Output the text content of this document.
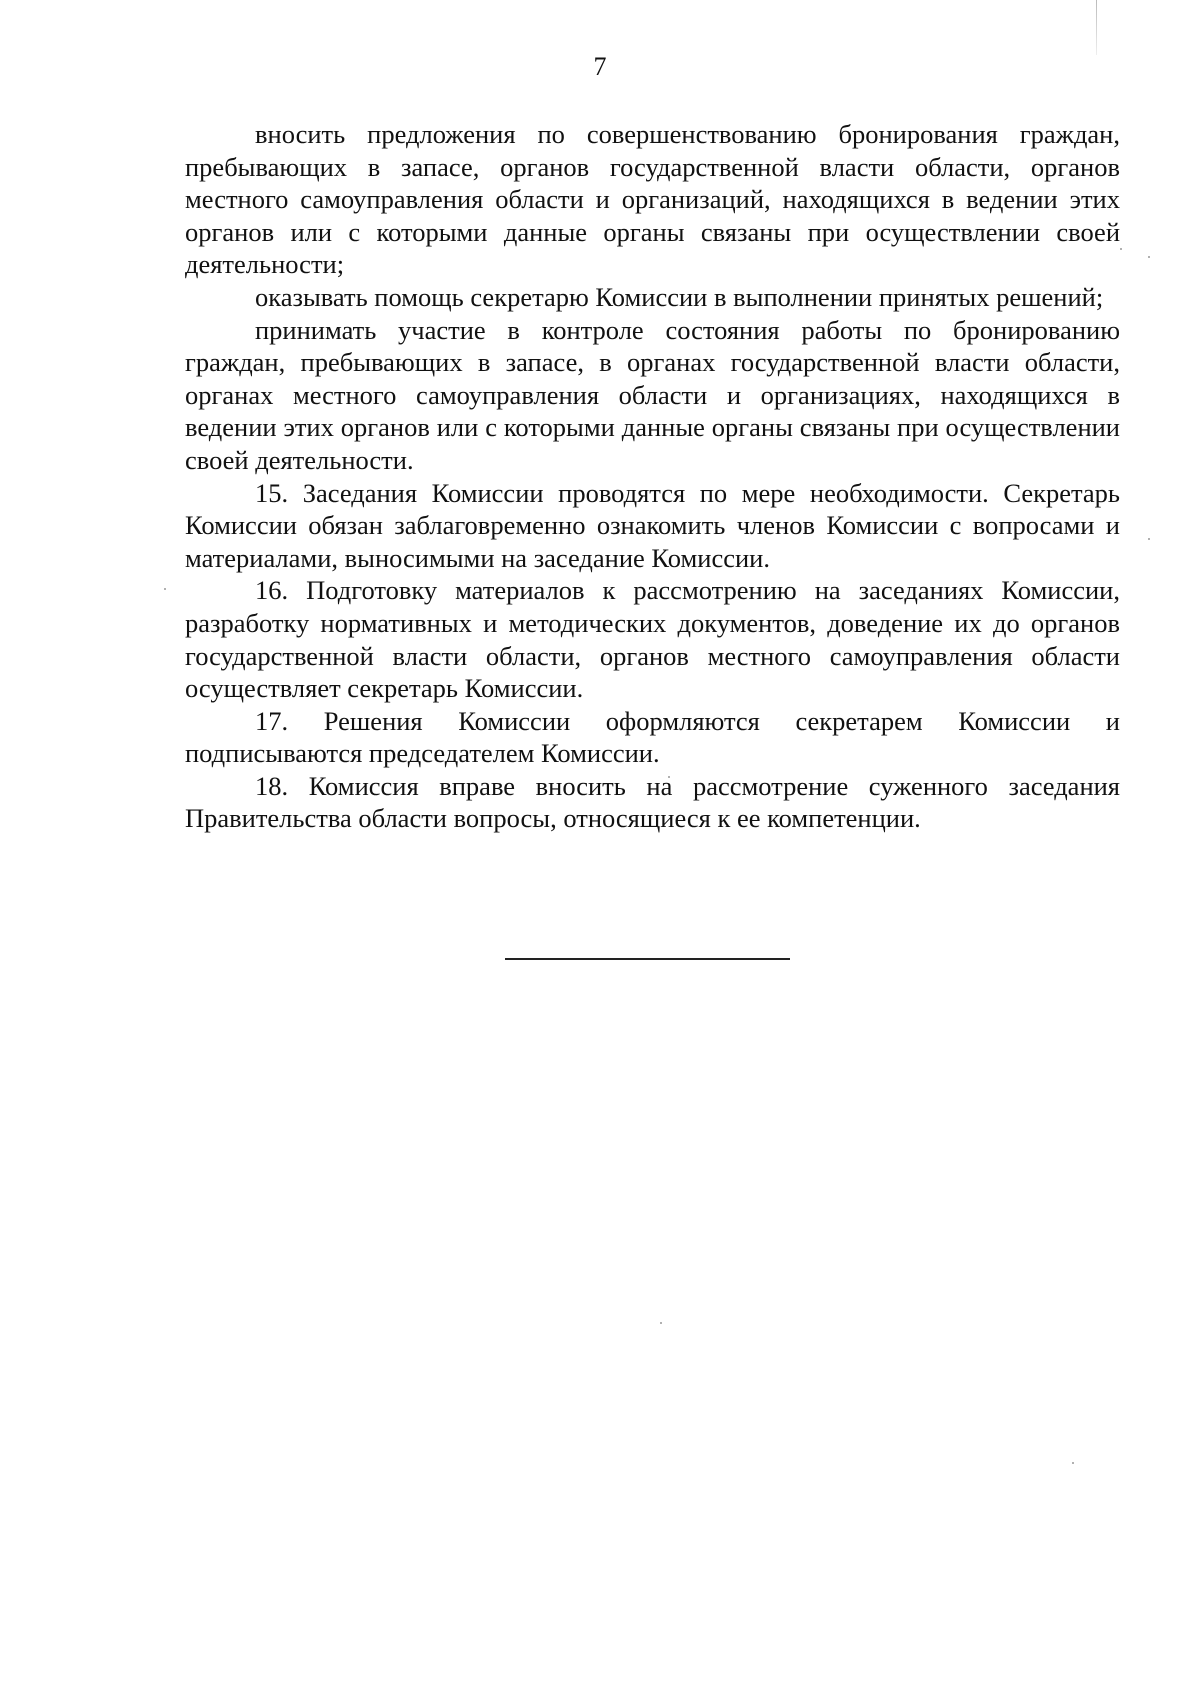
7

вносить предложения по совершенствованию бронирования граждан, пребывающих в запасе, органов государственной власти области, органов местного самоуправления области и организаций, находящихся в ведении этих органов или с которыми данные органы связаны при осуществлении своей деятельности;

оказывать помощь секретарю Комиссии в выполнении принятых решений;

принимать участие в контроле состояния работы по бронированию граждан, пребывающих в запасе, в органах государственной власти области, органах местного самоуправления области и организациях, находящихся в ведении этих органов или с которыми данные органы связаны при осуществлении своей деятельности.

15. Заседания Комиссии проводятся по мере необходимости. Секретарь Комиссии обязан заблаговременно ознакомить членов Комиссии с вопросами и материалами, выносимыми на заседание Комиссии.

16. Подготовку материалов к рассмотрению на заседаниях Комиссии, разработку нормативных и методических документов, доведение их до органов государственной власти области, органов местного самоуправления области осуществляет секретарь Комиссии.

17. Решения Комиссии оформляются секретарем Комиссии и подписываются председателем Комиссии.

18. Комиссия вправе вносить на рассмотрение суженного заседания Правительства области вопросы, относящиеся к ее компетенции.
